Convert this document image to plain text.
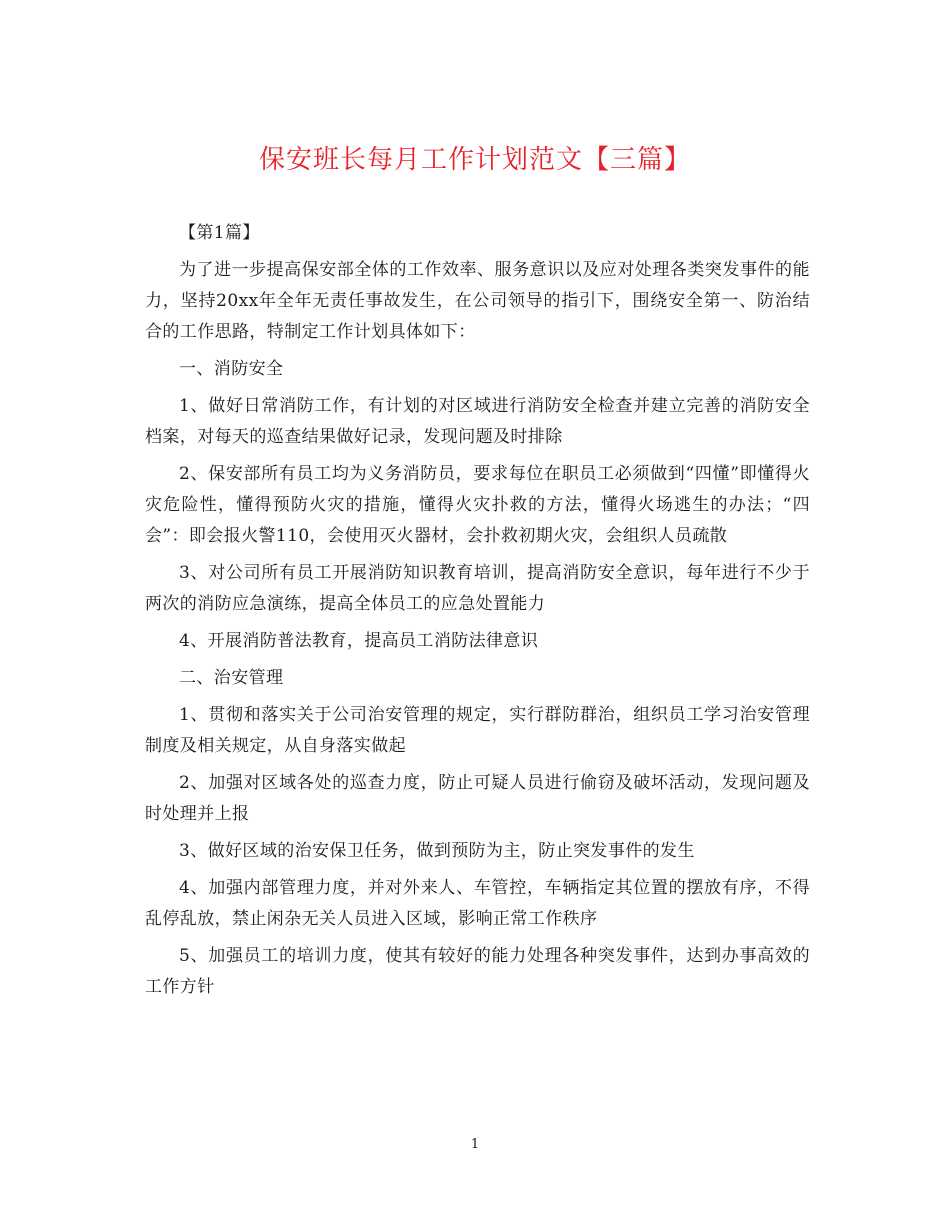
保安班长每月工作计划范文【三篇】

【第1篇】

为了进一步提高保安部全体的工作效率、服务意识以及应对处理各类突发事件的能力，坚持20xx年全年无责任事故发生，在公司领导的指引下，围绕安全第一、防治结合的工作思路，特制定工作计划具体如下：

一、消防安全

1、做好日常消防工作，有计划的对区域进行消防安全检查并建立完善的消防安全档案，对每天的巡查结果做好记录，发现问题及时排除

2、保安部所有员工均为义务消防员，要求每位在职员工必须做到“四懂”即懂得火灾危险性，懂得预防火灾的措施，懂得火灾扑救的方法，懂得火场逃生的办法；“四会”：即会报火警110，会使用灭火器材，会扑救初期火灾，会组织人员疏散

3、对公司所有员工开展消防知识教育培训，提高消防安全意识，每年进行不少于两次的消防应急演练，提高全体员工的应急处置能力

4、开展消防普法教育，提高员工消防法律意识

二、治安管理

1、贯彻和落实关于公司治安管理的规定，实行群防群治，组织员工学习治安管理制度及相关规定，从自身落实做起

2、加强对区域各处的巡查力度，防止可疑人员进行偷窃及破坏活动，发现问题及时处理并上报

3、做好区域的治安保卫任务，做到预防为主，防止突发事件的发生

4、加强内部管理力度，并对外来人、车管控，车辆指定其位置的摆放有序，不得乱停乱放，禁止闲杂无关人员进入区域，影响正常工作秩序

5、加强员工的培训力度，使其有较好的能力处理各种突发事件，达到办事高效的工作方针

1
